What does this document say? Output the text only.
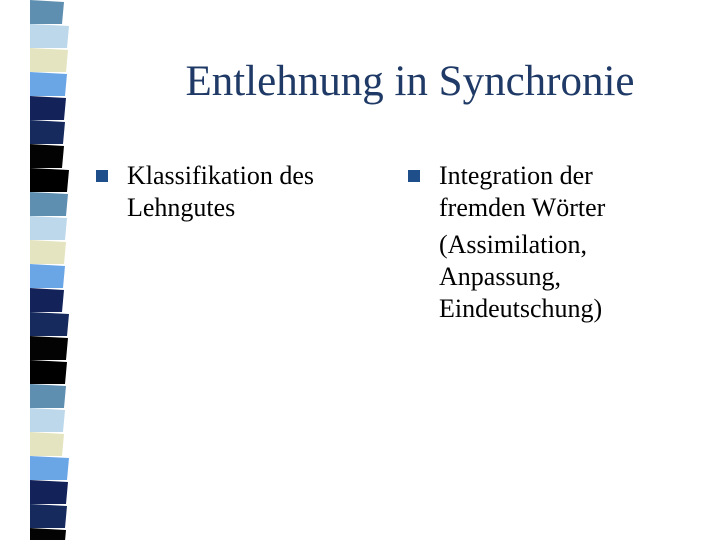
Entlehnung in Synchronie
Klassifikation des
Lehngutes
Integration der
fremden Wörter
(Assimilation,
Anpassung,
Eindeutschung)
